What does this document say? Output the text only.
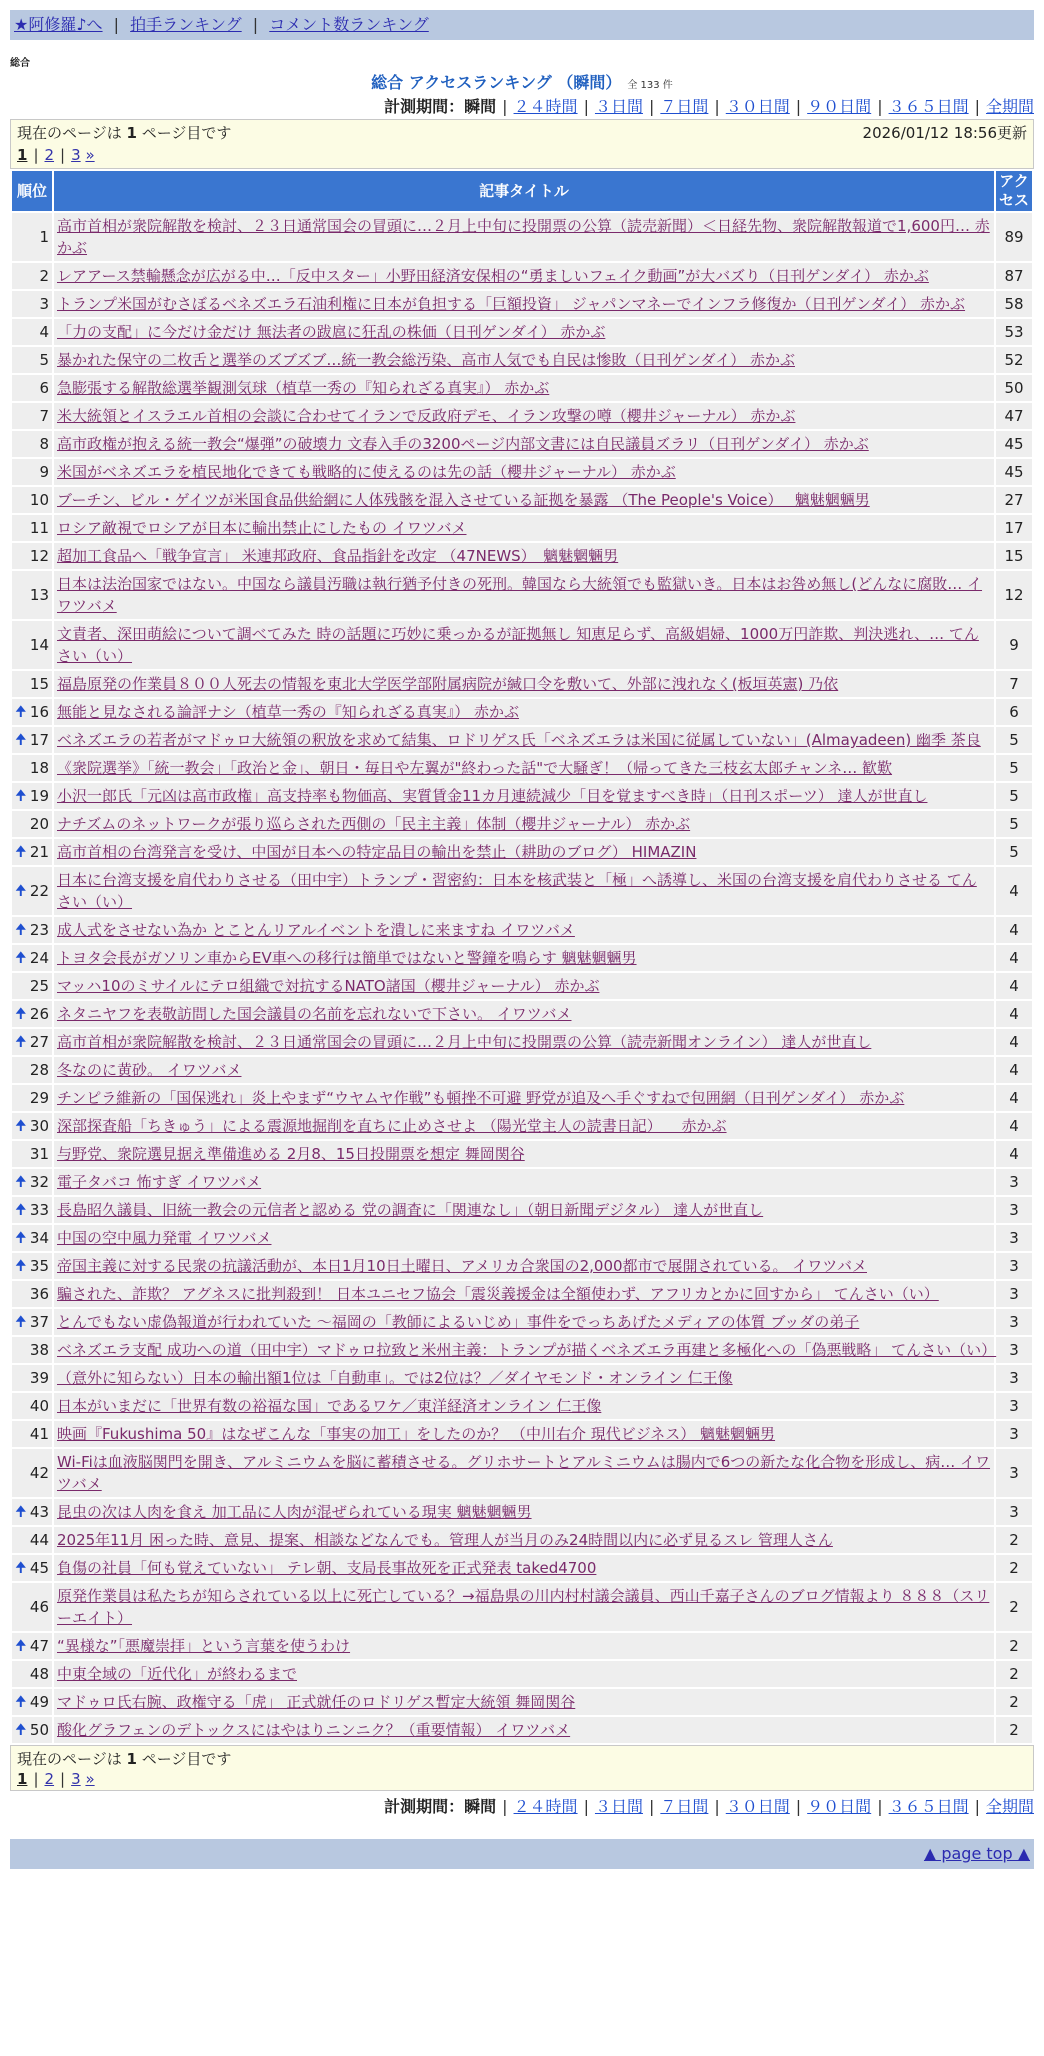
★阿修羅♪へ | 拍手ランキング | コメント数ランキング
総合
総合 アクセスランキング （瞬間） 全 133 件
計測期間：瞬間 | ２４時間 | ３日間 | ７日間 | ３０日間 | ９０日間 | ３６５日間 | 全期間
現在のページは 1 ページ目です	2026/01/12 18:56更新
1 | 2 | 3 »
順位	記事タイトル	アクセス
1	高市首相が衆院解散を検討、２３日通常国会の冒頭に…２月上中旬に投開票の公算（読売新聞）＜日経先物、衆院解散報道で1,600円… 赤かぶ	89
2	レアアース禁輸懸念が広がる中…「反中スター」小野田経済安保相の“勇ましいフェイク動画”が大バズり（日刊ゲンダイ） 赤かぶ	87
3	トランプ米国がむさぼるベネズエラ石油利権に日本が負担する「巨額投資」 ジャパンマネーでインフラ修復か（日刊ゲンダイ） 赤かぶ	58
4	「力の支配」に今だけ金だけ 無法者の跋扈に狂乱の株価（日刊ゲンダイ） 赤かぶ	53
5	暴かれた保守の二枚舌と選挙のズブズブ…統一教会総汚染、高市人気でも自民は惨敗（日刊ゲンダイ） 赤かぶ	52
6	急膨張する解散総選挙観測気球（植草一秀の『知られざる真実』） 赤かぶ	50
7	米大統領とイスラエル首相の会談に合わせてイランで反政府デモ、イラン攻撃の噂（櫻井ジャーナル） 赤かぶ	47
8	高市政権が抱える統一教会“爆弾”の破壊力 文春入手の3200ページ内部文書には自民議員ズラリ（日刊ゲンダイ） 赤かぶ	45
9	米国がベネズエラを植民地化できても戦略的に使えるのは先の話（櫻井ジャーナル） 赤かぶ	45
10	ブーチン、ビル・ゲイツが米国食品供給網に人体残骸を混入させている証拠を暴露 （The People's Voice）　 魑魅魍魎男	27
11	ロシア敵視でロシアが日本に輸出禁止にしたもの イワツバメ	17
12	超加工食品へ「戦争宣言」 米連邦政府、食品指針を改定 （47NEWS）　魑魅魍魎男	15
13	日本は法治国家ではない。中国なら議員汚職は執行猶予付きの死刑。韓国なら大統領でも監獄いき。日本はお咎め無し(どんなに腐敗… イワツバメ	12
14	文責者、深田萌絵について調べてみた 時の話題に巧妙に乗っかるが証拠無し 知恵足らず、高級娼婦、1000万円詐欺、判決逃れ、… てんさい（い）	9
15	福島原発の作業員８００人死去の情報を東北大学医学部附属病院が緘口令を敷いて、外部に洩れなく(板垣英憲) 乃依	7

🠉 16	無能と見なされる論評ナシ（植草一秀の『知られざる真実』） 赤かぶ	6

🠉 17	ベネズエラの若者がマドゥロ大統領の釈放を求めて結集、ロドリゲス氏「ベネズエラは米国に従属していない」(Almayadeen) 幽季 茶良	5
18	《衆院選挙》「統一教会」「政治と金」、朝日・毎日や左翼が"終わった話"で大騒ぎ！（帰ってきた三枝玄太郎チャンネ… 歓歎	5

🠉 19	小沢一郎氏「元凶は高市政権」高支持率も物価高、実質賃金11カ月連続減少「目を覚ますべき時」（日刊スポーツ） 達人が世直し	5
20	ナチズムのネットワークが張り巡らされた西側の「民主主義」体制（櫻井ジャーナル） 赤かぶ	5

🠉 21	高市首相の台湾発言を受け、中国が日本への特定品目の輸出を禁止（耕助のブログ） HIMAZIN	5

🠉 22	日本に台湾支援を肩代わりさせる（田中宇）トランプ・習密約：日本を核武装と「極」へ誘導し、米国の台湾支援を肩代わりさせる てんさい（い）	4

🠉 23	成人式をさせない為か とことんリアルイベントを潰しに来ますね イワツバメ	4

🠉 24	トヨタ会長がガソリン車からEV車への移行は簡単ではないと警鐘を鳴らす 魑魅魍魎男	4
25	マッハ10のミサイルにテロ組織で対抗するNATO諸国（櫻井ジャーナル） 赤かぶ	4

🠉 26	ネタニヤフを表敬訪問した国会議員の名前を忘れないで下さい。 イワツバメ	4

🠉 27	高市首相が衆院解散を検討、２３日通常国会の冒頭に…２月上中旬に投開票の公算（読売新聞オンライン） 達人が世直し	4
28	冬なのに黄砂。 イワツバメ	4
29	チンピラ維新の「国保逃れ」炎上やまず“ウヤムヤ作戦”も頓挫不可避 野党が追及へ手ぐすねで包囲網（日刊ゲンダイ） 赤かぶ	4

🠉 30	深部探査船「ちきゅう」による震源地掘削を直ちに止めさせよ （陽光堂主人の読書日記） 　赤かぶ	4
31	与野党、衆院選見据え準備進める 2月8、15日投開票を想定 舞岡関谷	4

🠉 32	電子タバコ 怖すぎ イワツバメ	3

🠉 33	長島昭久議員、旧統一教会の元信者と認める 党の調査に「関連なし」（朝日新聞デジタル） 達人が世直し	3

🠉 34	中国の空中風力発電 イワツバメ	3

🠉 35	帝国主義に対する民衆の抗議活動が、本日1月10日土曜日、アメリカ合衆国の2,000都市で展開されている。 イワツバメ	3
36	騙された、詐欺？ アグネスに批判殺到！ 日本ユニセフ協会「震災義援金は全額使わず、アフリカとかに回すから」 てんさい（い）	3

🠉 37	とんでもない虚偽報道が行われていた ～福岡の「教師によるいじめ」事件をでっちあげたメディアの体質 ブッダの弟子	3
38	ベネズエラ支配 成功への道（田中宇）マドゥロ拉致と米州主義：トランプが描くベネズエラ再建と多極化への「偽悪戦略」 てんさい（い）	3
39	（意外に知らない）日本の輸出額1位は「自動車」。では2位は？／ダイヤモンド・オンライン 仁王像	3
40	日本がいまだに「世界有数の裕福な国」であるワケ／東洋経済オンライン 仁王像	3
41	映画『Fukushima 50』はなぜこんな「事実の加工」をしたのか？ （中川右介 現代ビジネス） 魑魅魍魎男	3
42	Wi-Fiは血液脳関門を開き、アルミニウムを脳に蓄積させる。グリホサートとアルミニウムは腸内で6つの新たな化合物を形成し、病… イワツバメ	3

🠉 43	昆虫の次は人肉を食え 加工品に人肉が混ぜられている現実 魑魅魍魎男	3
44	2025年11月 困った時、意見、提案、相談などなんでも。管理人が当月のみ24時間以内に必ず見るスレ 管理人さん	2

🠉 45	負傷の社員「何も覚えていない」 テレ朝、支局長事故死を正式発表 taked4700	2
46	原発作業員は私たちが知らされている以上に死亡している？→福島県の川内村村議会議員、西山千嘉子さんのブログ情報より ８８８（スリーエイト）	2

🠉 47	“異様な”「悪魔崇拝」という言葉を使うわけ	2
48	中東全域の「近代化」が終わるまで	2

🠉 49	マドゥロ氏右腕、政権守る「虎」 正式就任のロドリゲス暫定大統領 舞岡関谷	2

🠉 50	酸化グラフェンのデトックスにはやはりニンニク？（重要情報） イワツバメ	2
現在のページは 1 ページ目です
1 | 2 | 3 »
計測期間：瞬間 | ２４時間 | ３日間 | ７日間 | ３０日間 | ９０日間 | ３６５日間 | 全期間
▲ page top ▲
